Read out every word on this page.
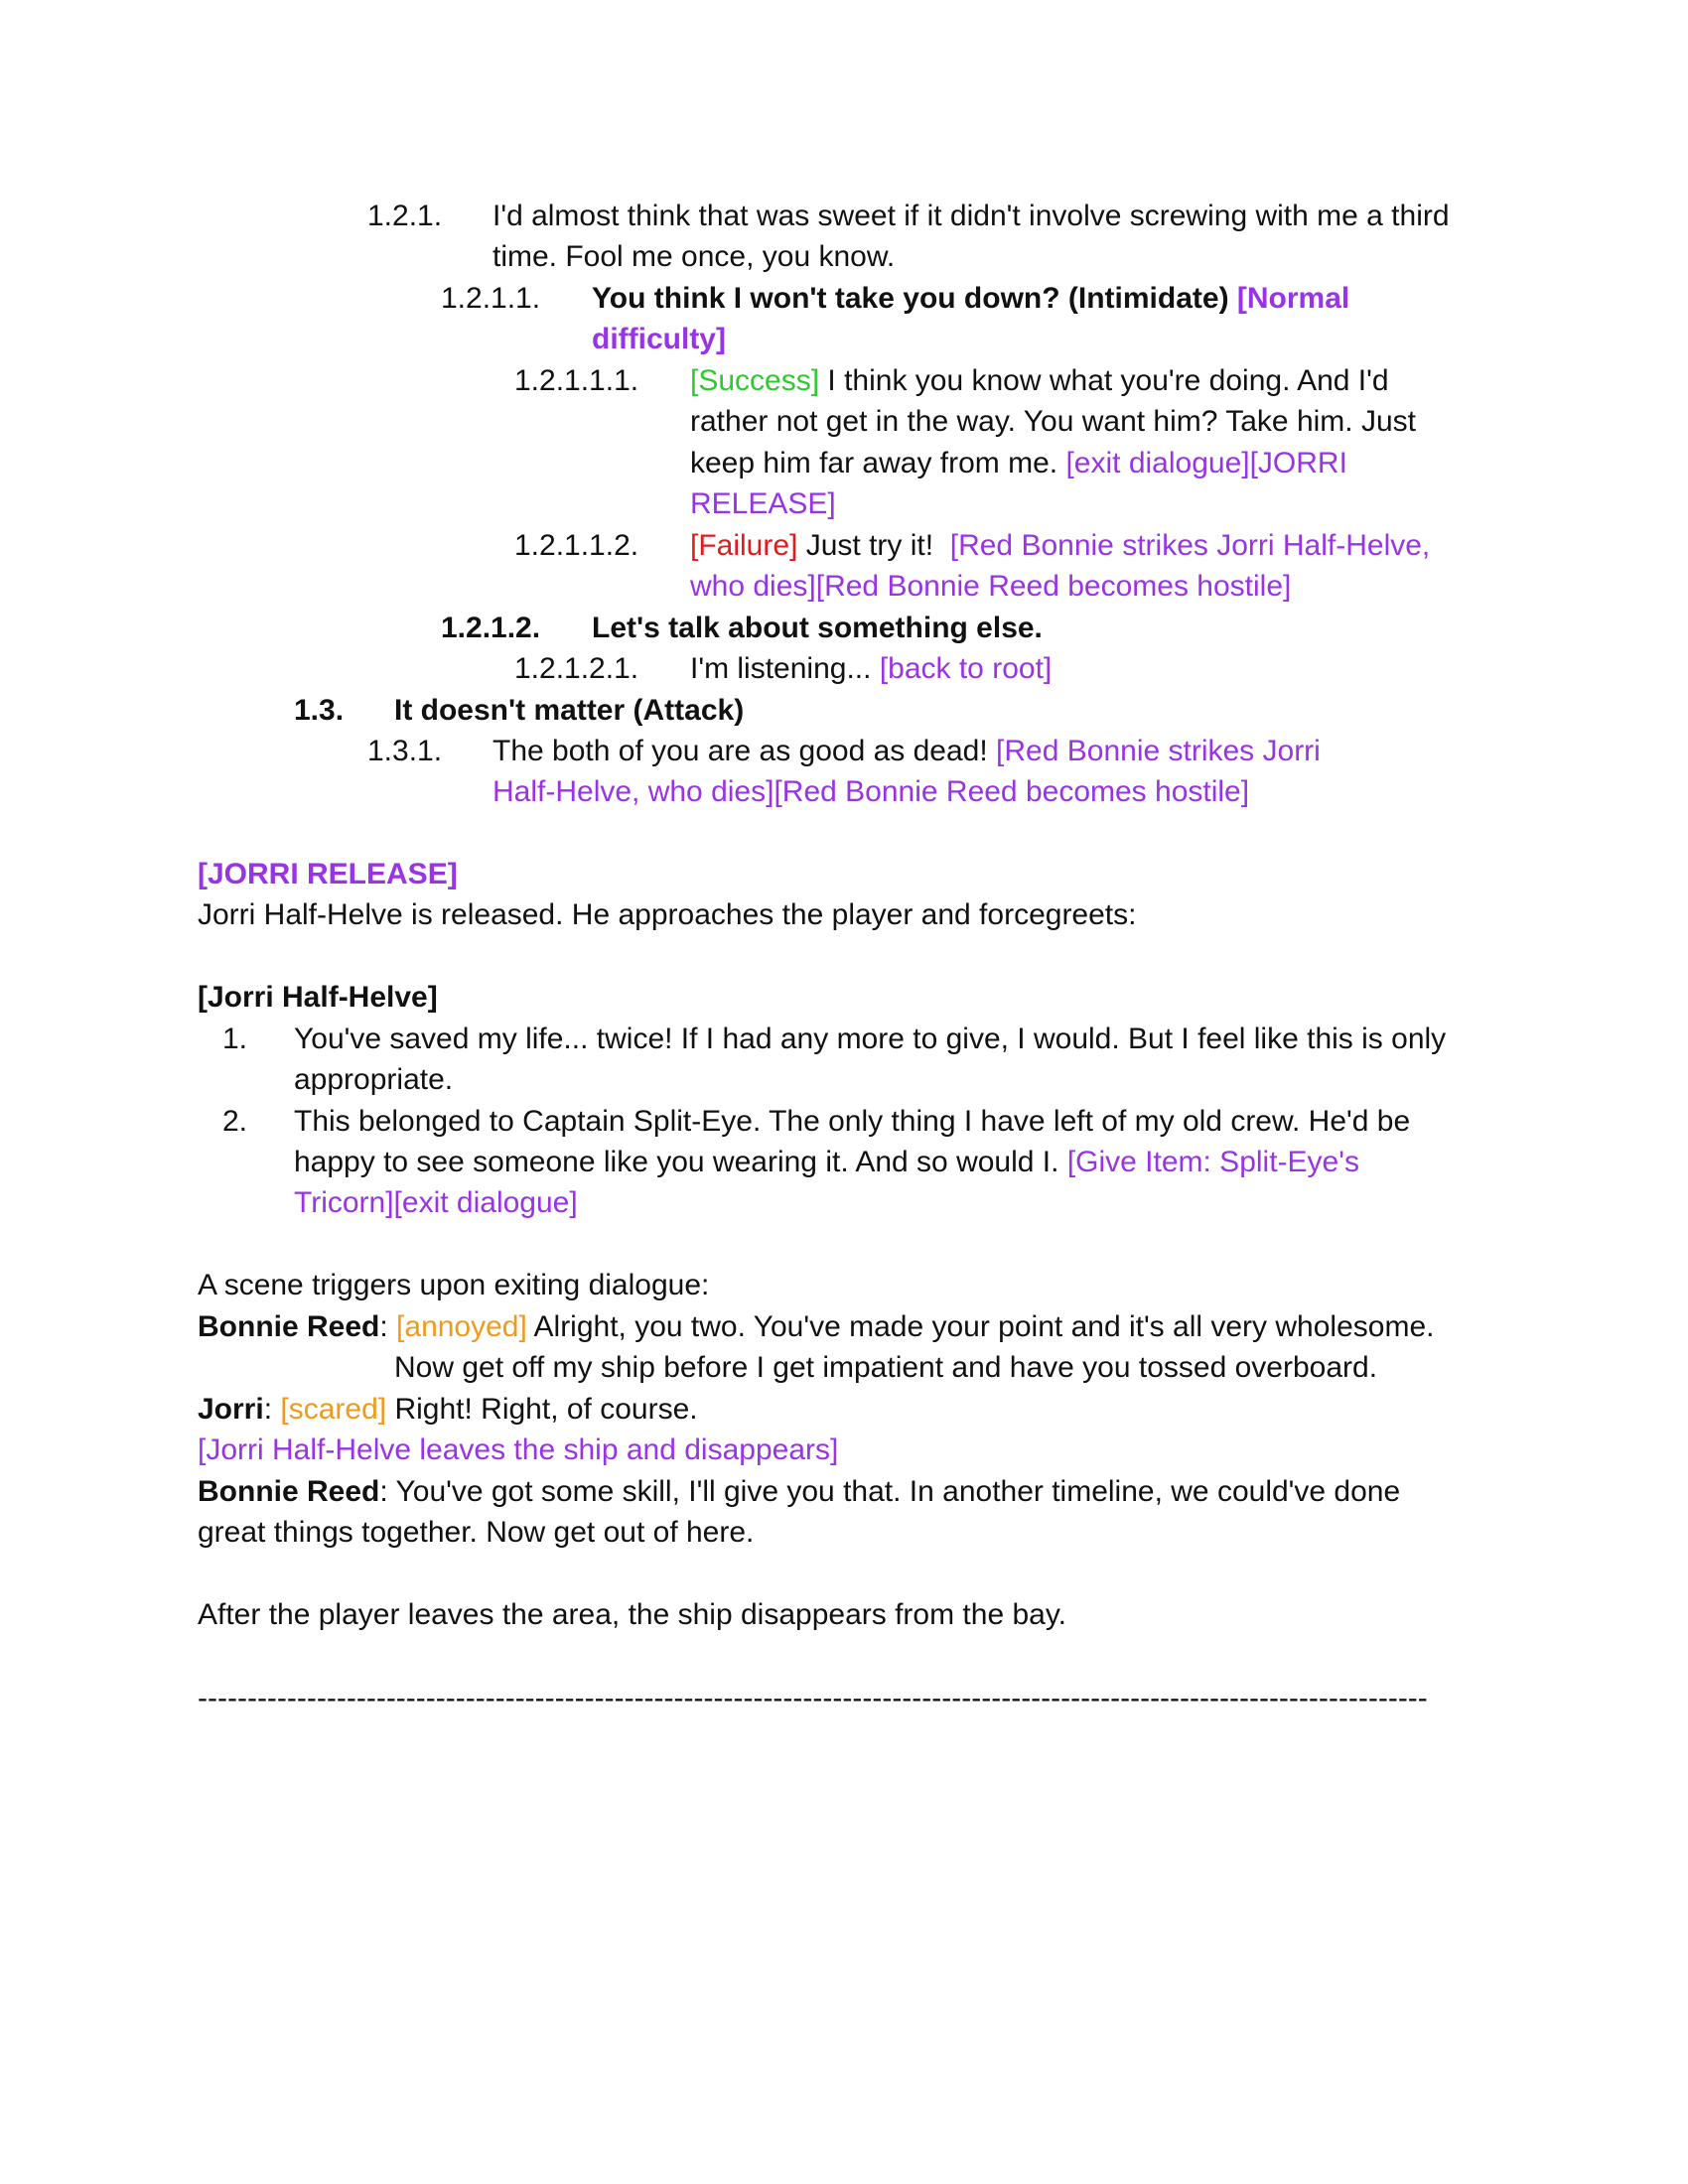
1.2.1. I'd almost think that was sweet if it didn't involve screwing with me a third
time. Fool me once, you know.
1.2.1.1. You think I won't take you down? (Intimidate) [Normal
difficulty]
1.2.1.1.1. [Success] I think you know what you're doing. And I'd
rather not get in the way. You want him? Take him. Just
keep him far away from me. [exit dialogue][JORRI
RELEASE]
1.2.1.1.2. [Failure] Just try it! [Red Bonnie strikes Jorri Half-Helve,
who dies][Red Bonnie Reed becomes hostile]
1.2.1.2. Let's talk about something else.
1.2.1.2.1. I'm listening... [back to root]
1.3. It doesn't matter (Attack)
1.3.1. The both of you are as good as dead! [Red Bonnie strikes Jorri
Half-Helve, who dies][Red Bonnie Reed becomes hostile]
[JORRI RELEASE]
Jorri Half-Helve is released. He approaches the player and forcegreets:
[Jorri Half-Helve]
1. You've saved my life... twice! If I had any more to give, I would. But I feel like this is only
appropriate.
2. This belonged to Captain Split-Eye. The only thing I have left of my old crew. He'd be
happy to see someone like you wearing it. And so would I. [Give Item: Split-Eye's
Tricorn][exit dialogue]
A scene triggers upon exiting dialogue:
Bonnie Reed: [annoyed] Alright, you two. You've made your point and it's all very wholesome.
Now get off my ship before I get impatient and have you tossed overboard.
Jorri: [scared] Right! Right, of course.
[Jorri Half-Helve leaves the ship and disappears]
Bonnie Reed: You've got some skill, I'll give you that. In another timeline, we could've done
great things together. Now get out of here.
After the player leaves the area, the ship disappears from the bay.
----------------------------------------------------------------------------------------------------------------------------
